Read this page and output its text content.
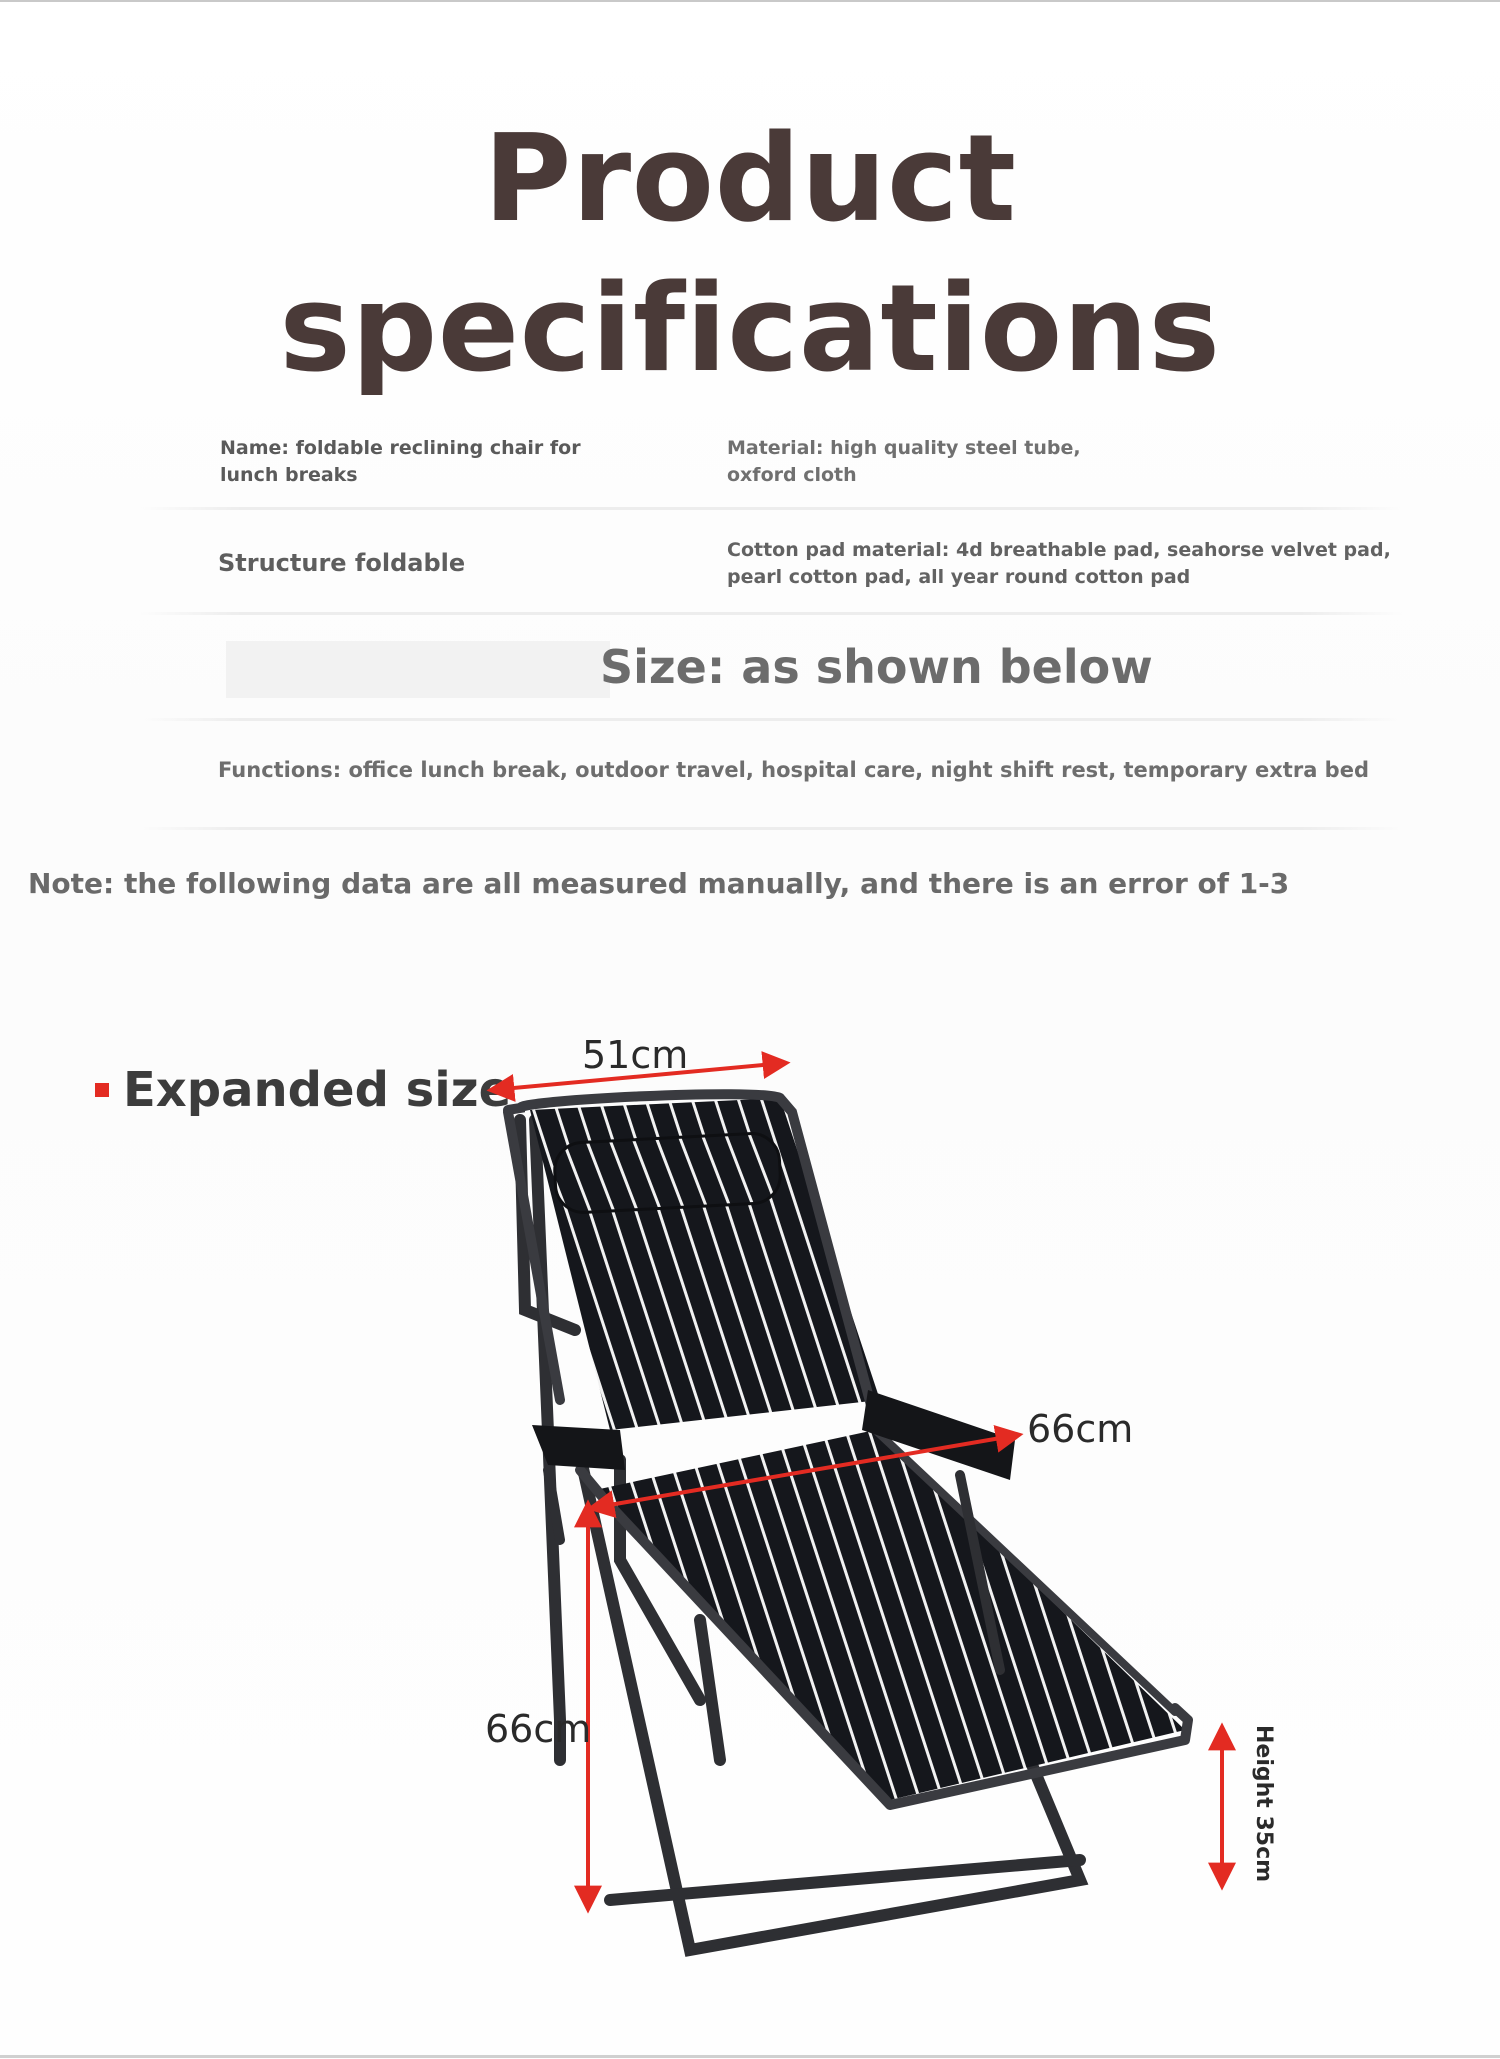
Product specifications
Name: foldable reclining chair for lunch breaks
Material: high quality steel tube, oxford cloth
Structure foldable	Cotton pad material: 4d breathable pad, seahorse velvet pad, pearl cotton pad, all year round cotton pad
Size: as shown below
Functions: office lunch break, outdoor travel, hospital care, night shift rest, temporary extra bed
Note: the following data are all measured manually, and there is an error of 1-3
Expanded size
51cm
66cm
66cm	Height 35cm
